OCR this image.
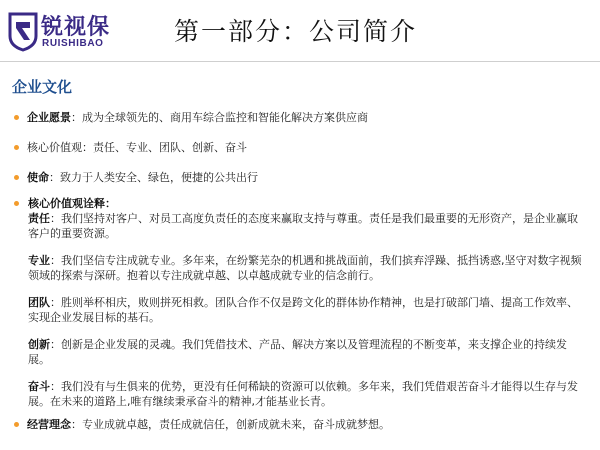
锐视保
RUISHIBAO	第一部分：公司简介
企业文化
企业愿景：成为全球领先的、商用车综合监控和智能化解决方案供应商
核心价值观：责任、专业、团队、创新、奋斗
使命：致力于人类安全、绿色，便捷的公共出行
核心价值观诠释：
责任：我们坚持对客户、对员工高度负责任的态度来赢取支持与尊重。责任是我们最重要的无形资产，是企业赢取客户的重要资源。
专业：我们坚信专注成就专业。多年来，在纷繁芜杂的机遇和挑战面前，我们摈弃浮躁、抵挡诱惑,坚守对数字视频领域的探索与深研。抱着以专注成就卓越、以卓越成就专业的信念前行。
团队：胜则举杯相庆，败则拼死相救。团队合作不仅是跨文化的群体协作精神，也是打破部门墙、提高工作效率、实现企业发展目标的基石。
创新：创新是企业发展的灵魂。我们凭借技术、产品、解决方案以及管理流程的不断变革，来支撑企业的持续发展。
奋斗：我们没有与生俱来的优势，更没有任何稀缺的资源可以依赖。多年来，我们凭借艰苦奋斗才能得以生存与发展。在未来的道路上,唯有继续秉承奋斗的精神,才能基业长青。
经营理念：专业成就卓越，责任成就信任，创新成就未来，奋斗成就梦想。
